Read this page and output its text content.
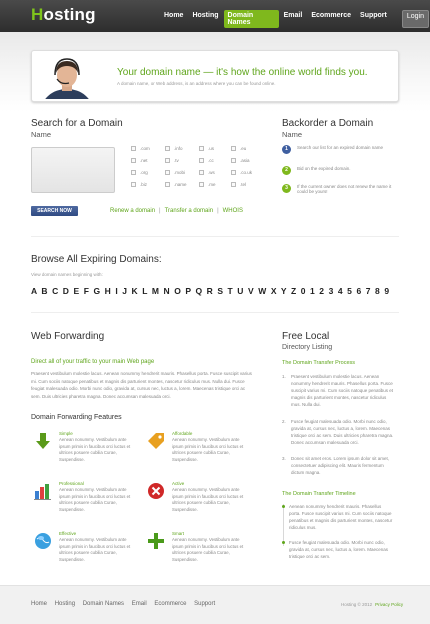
Hosting	Home	Hosting	Domain Names
Email	Ecommerce	Support	Login
Your domain name — it's how the online world finds you.
A domain name, or Web address, is an address where you can be found online.
Search for a Domain
Name
.com
.net
.org
.biz
.info
.tv
.mobi
.name
.us
.cc
.ws
.me
.eu
.asia
.co.uk
.tel
SEARCH NOW	Renew a domain | Transfer a domain | WHOIS
Backorder a Domain
Name
1	Search our list for an expired domain name
2	Bid on the expired domain.
3	If the current owner does not renew the name it could be yours!
Browse All Expiring Domains:
View domain names beginning with:
A B C D E F G H I J K L M N O P Q R S T U V W X Y Z 0 1 2 3 4 5 6 7 8 9
Web Forwarding
Direct all of your traffic to your main Web page
Praesent vestibulum molestie lacus. Aenean nonummy hendrerit mauris. Phasellus porta. Fusce suscipit varius mi. Cum sociis natoque penatibus et magnis dis parturient montes, nascetur ridiculus mus. Nulla dui. Fusce feugiat malesuada odio. Morbi nunc odio, gravida at, cursus nec, luctus a, lorem. Maecenas tristique orci ac sem. Duis ultricies pharetra magna. Donec accumsan malesuada orci.
Domain Forwarding Features
Simple
Aenean nonummy. Vestibulum ante ipsum primis in faucibus orci luctus et ultrices posuere cubilia Curae, Suspendisse.
Affordable
Aenean nonummy. Vestibulum ante ipsum primis in faucibus orci luctus et ultrices posuere cubilia Curae, Suspendisse.
Professional
Aenean nonummy. Vestibulum ante ipsum primis in faucibus orci luctus et ultrices posuere cubilia Curae, Suspendisse.
Active
Aenean nonummy. Vestibulum ante ipsum primis in faucibus orci luctus et ultrices posuere cubilia Curae, Suspendisse.
Effective
Aenean nonummy. Vestibulum ante ipsum primis in faucibus orci luctus et ultrices posuere cubilia Curae, Suspendisse.
Smart
Aenean nonummy. Vestibulum ante ipsum primis in faucibus orci luctus et ultrices posuere cubilia Curae, Suspendisse.
Free Local
Directory Listing
The Domain Transfer Process
1. Praesent vestibulum molestie lacus. Aenean nonummy hendrerit mauris. Phasellus porta. Fusce suscipit varius mi. Cum sociis natoque penatibus et magnis dis parturient montes, nascetur ridiculus mus. Nulla dui.
2. Fusce feugiat malesuada odio. Morbi nunc odio, gravida at, cursus nec, luctus a, lorem. Maecenas tristique orci ac sem. Duis ultricies pharetra magna. Donec accumsan malesuada orci.
3. Donec sit amet eros. Lorem ipsum dolor sit amet, consectetuer adipiscing elit. Mauris fermentum dictum magna.
The Domain Transfer Timeline
Aenean nonummy hendrerit mauris. Phasellus porta. Fusce suscipit varius mi. Cum sociis natoque penatibus et magnis dis parturient montes, nascetur ridiculus mus.
Fusce feugiat malesuada odio. Morbi nunc odio, gravida at, cursus nec, luctus a, lorem. Maecenas tristique orci ac sem.
Home Hosting Domain Names Email Ecommerce Support	Hosting © 2012 Privacy Policy
